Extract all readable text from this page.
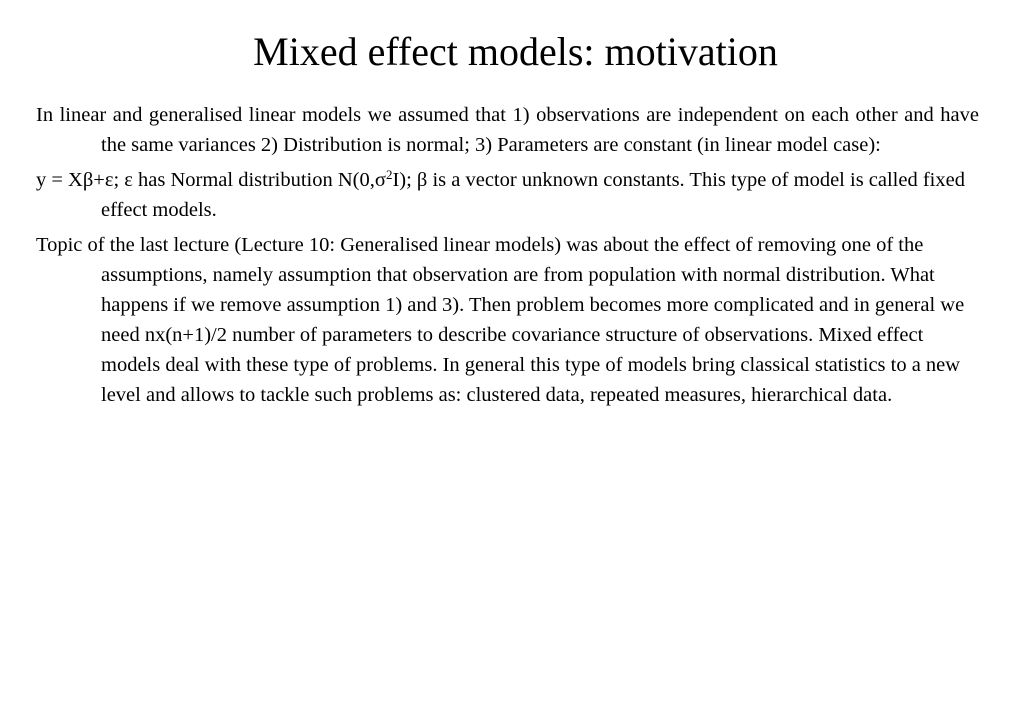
Mixed effect models: motivation

In linear and generalised linear models we assumed that 1) observations are independent on each other and have the same variances 2) Distribution is normal; 3) Parameters are constant (in linear model case):

y = Xβ+ε; ε has Normal distribution $N(0,\sigma^2I)$; β is a vector unknown constants. This type of model is called fixed effect models.

Topic of the last lecture (Lecture 10: Generalised linear models) was about the effect of removing one of the assumptions, namely assumption that observation are from population with normal distribution. What happens if we remove assumption 1) and 3). Then problem becomes more complicated and in general we need nx(n+1)/2 number of parameters to describe covariance structure of observations. Mixed effect models deal with these type of problems. In general this type of models bring classical statistics to a new level and allows to tackle such problems as: clustered data, repeated measures, hierarchical data.
